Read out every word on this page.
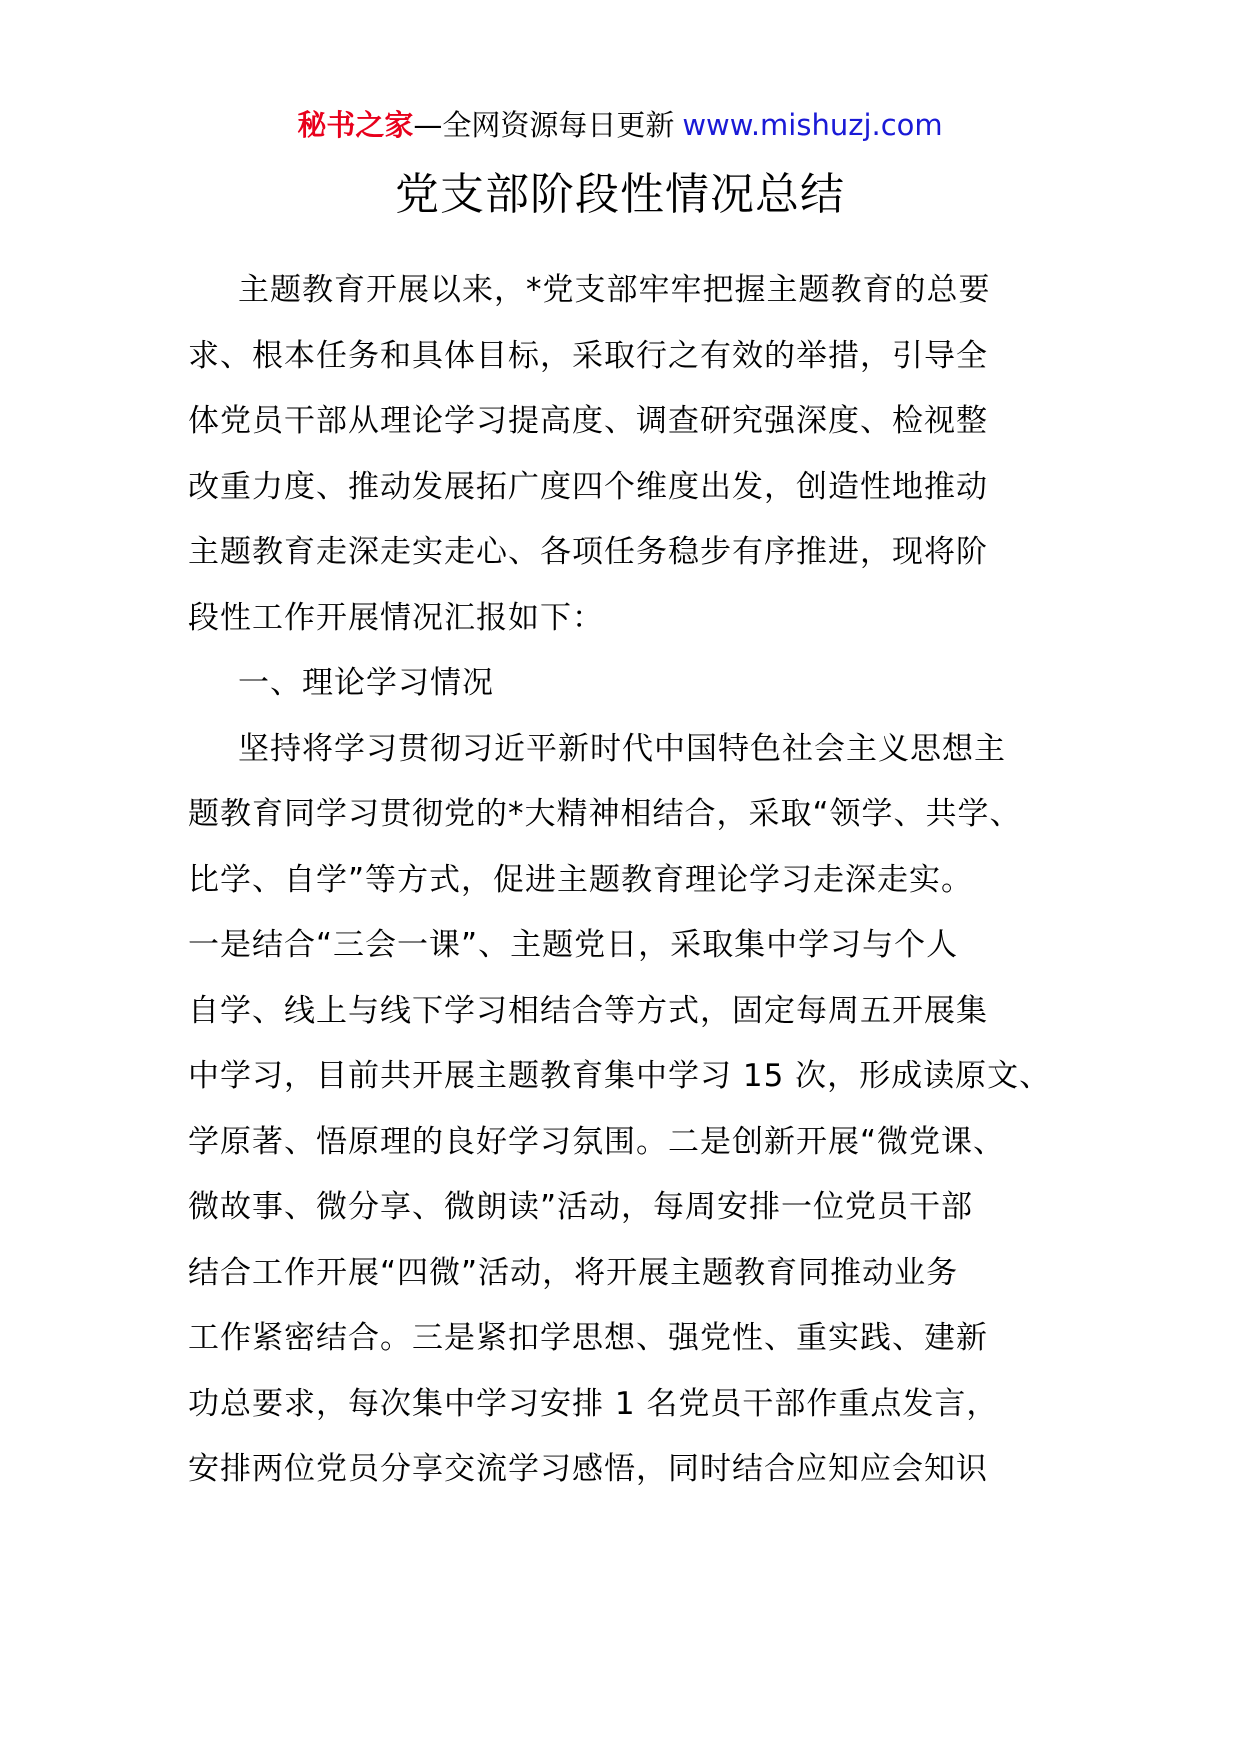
秘书之家—全网资源每日更新 www.mishuzj.com
党支部阶段性情况总结
主题教育开展以来，*党支部牢牢把握主题教育的总要
求、根本任务和具体目标，采取行之有效的举措，引导全
体党员干部从理论学习提高度、调查研究强深度、检视整
改重力度、推动发展拓广度四个维度出发，创造性地推动
主题教育走深走实走心、各项任务稳步有序推进，现将阶
段性工作开展情况汇报如下：
一、理论学习情况
坚持将学习贯彻习近平新时代中国特色社会主义思想主
题教育同学习贯彻党的*大精神相结合，采取“领学、共学、
比学、自学”等方式，促进主题教育理论学习走深走实。
一是结合“三会一课”、主题党日，采取集中学习与个人
自学、线上与线下学习相结合等方式，固定每周五开展集
中学习，目前共开展主题教育集中学习 15 次，形成读原文、
学原著、悟原理的良好学习氛围。二是创新开展“微党课、
微故事、微分享、微朗读”活动，每周安排一位党员干部
结合工作开展“四微”活动，将开展主题教育同推动业务
工作紧密结合。三是紧扣学思想、强党性、重实践、建新
功总要求，每次集中学习安排 1 名党员干部作重点发言，
安排两位党员分享交流学习感悟，同时结合应知应会知识
